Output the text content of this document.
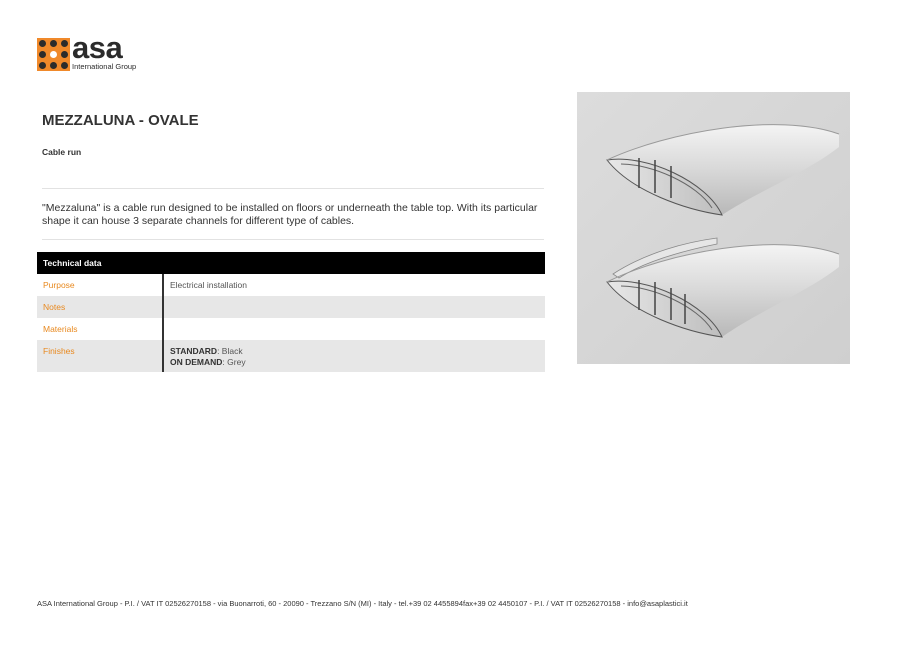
asa
International Group
MEZZALUNA - OVALE
Cable run

"Mezzaluna" is a cable run designed to be installed on floors or underneath the table top. With its particular shape it can house 3 separate channels for different type of cables.

Technical data
Purpose	Electrical installation
Notes
Materials
Finishes	STANDARD: Black
ON DEMAND: Grey
ASA International Group - P.I. / VAT IT 02526270158 - via Buonarroti, 60 - 20090 - Trezzano S/N (MI) - Italy - tel.+39 02 4455894fax+39 02 4450107 - P.I. / VAT IT 02526270158 - info@asaplastici.it
